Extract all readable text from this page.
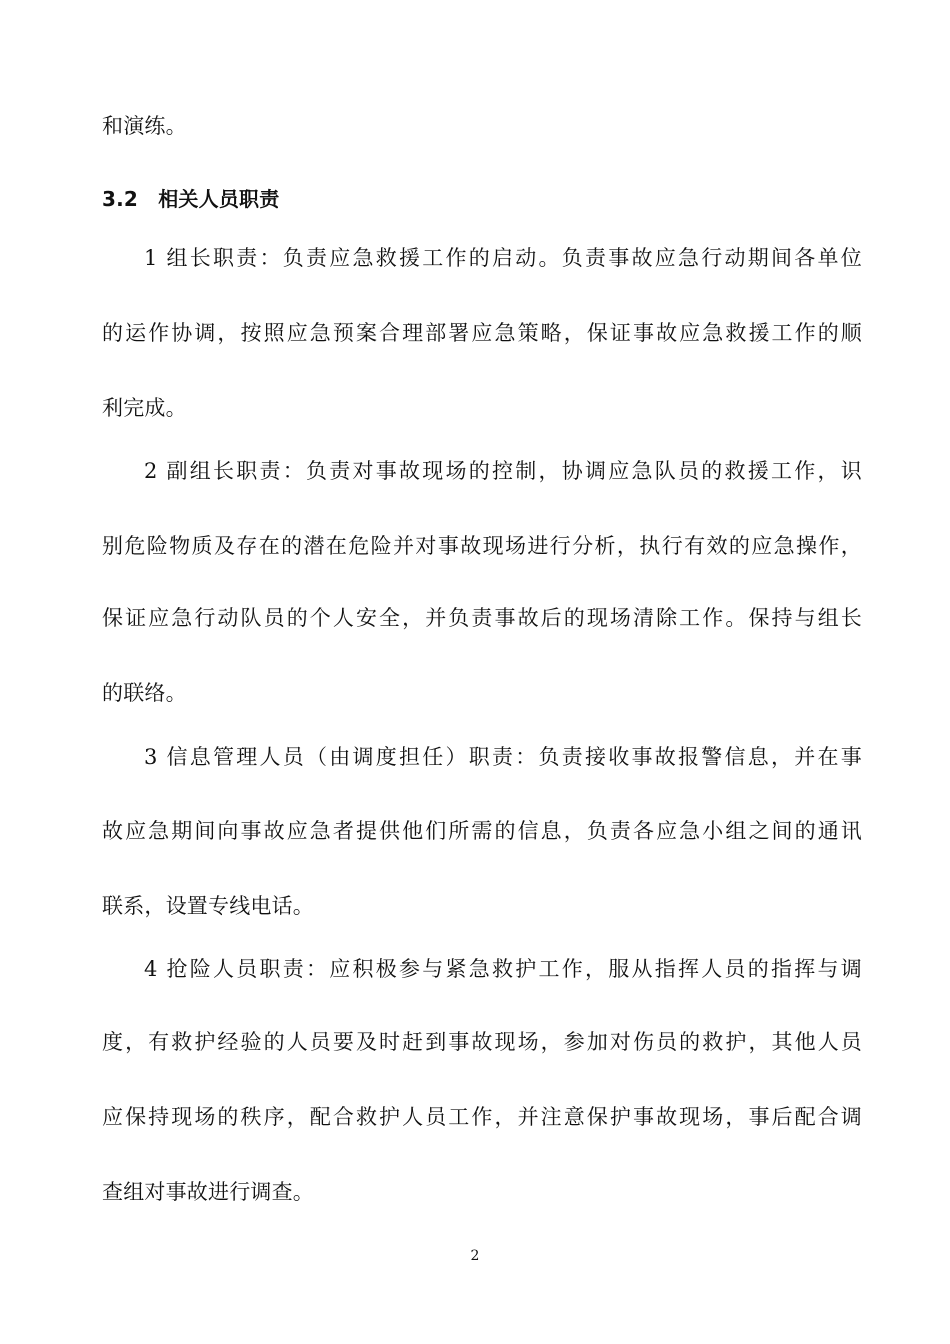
和演练。
3.2　相关人员职责
1 组长职责：负责应急救援工作的启动。负责事故应急行动期间各单位
的运作协调，按照应急预案合理部署应急策略，保证事故应急救援工作的顺
利完成。
2 副组长职责：负责对事故现场的控制，协调应急队员的救援工作，识
别危险物质及存在的潜在危险并对事故现场进行分析，执行有效的应急操作，
保证应急行动队员的个人安全，并负责事故后的现场清除工作。保持与组长
的联络。
3 信息管理人员（由调度担任）职责：负责接收事故报警信息，并在事
故应急期间向事故应急者提供他们所需的信息，负责各应急小组之间的通讯
联系，设置专线电话。
4 抢险人员职责：应积极参与紧急救护工作，服从指挥人员的指挥与调
度，有救护经验的人员要及时赶到事故现场，参加对伤员的救护，其他人员
应保持现场的秩序，配合救护人员工作，并注意保护事故现场，事后配合调
查组对事故进行调查。
2
